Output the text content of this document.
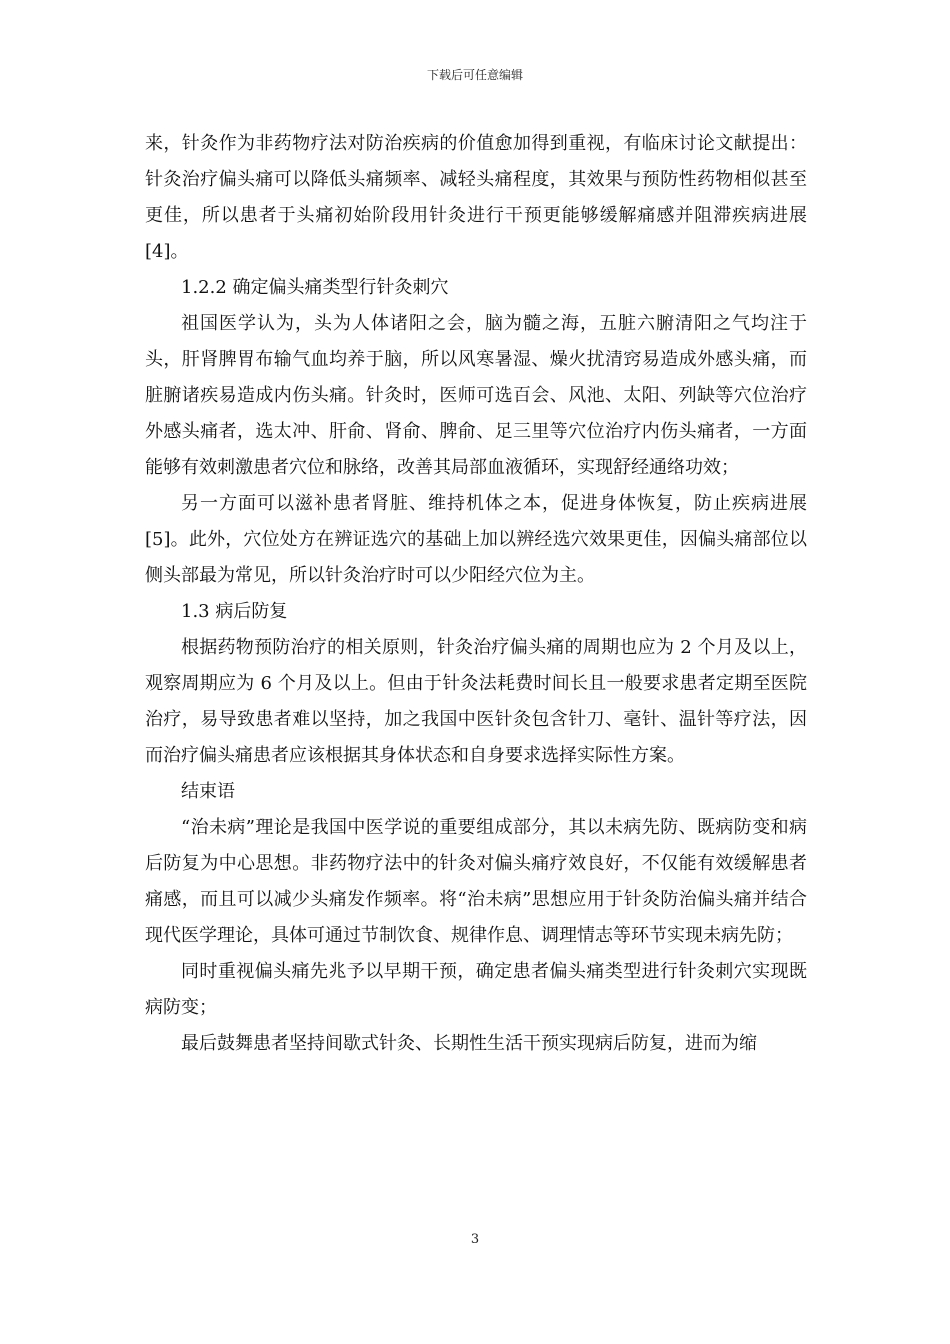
下载后可任意编辑

来，针灸作为非药物疗法对防治疾病的价值愈加得到重视，有临床讨论文献提出：针灸治疗偏头痛可以降低头痛频率、减轻头痛程度，其效果与预防性药物相似甚至更佳，所以患者于头痛初始阶段用针灸进行干预更能够缓解痛感并阻滞疾病进展[4]。

1.2.2 确定偏头痛类型行针灸刺穴

祖国医学认为，头为人体诸阳之会，脑为髓之海，五脏六腑清阳之气均注于头，肝肾脾胃布输气血均养于脑，所以风寒暑湿、燥火扰清窍易造成外感头痛，而脏腑诸疾易造成内伤头痛。针灸时，医师可选百会、风池、太阳、列缺等穴位治疗外感头痛者，选太冲、肝俞、肾俞、脾俞、足三里等穴位治疗内伤头痛者，一方面能够有效刺激患者穴位和脉络，改善其局部血液循环，实现舒经通络功效；

另一方面可以滋补患者肾脏、维持机体之本，促进身体恢复，防止疾病进展[5]。此外，穴位处方在辨证选穴的基础上加以辨经选穴效果更佳，因偏头痛部位以侧头部最为常见，所以针灸治疗时可以少阳经穴位为主。

1.3 病后防复

根据药物预防治疗的相关原则，针灸治疗偏头痛的周期也应为 2 个月及以上，观察周期应为 6 个月及以上。但由于针灸法耗费时间长且一般要求患者定期至医院治疗，易导致患者难以坚持，加之我国中医针灸包含针刀、毫针、温针等疗法，因而治疗偏头痛患者应该根据其身体状态和自身要求选择实际性方案。

结束语

“治未病”理论是我国中医学说的重要组成部分，其以未病先防、既病防变和病后防复为中心思想。非药物疗法中的针灸对偏头痛疗效良好，不仅能有效缓解患者痛感，而且可以减少头痛发作频率。将“治未病”思想应用于针灸防治偏头痛并结合现代医学理论，具体可通过节制饮食、规律作息、调理情志等环节实现未病先防；

同时重视偏头痛先兆予以早期干预，确定患者偏头痛类型进行针灸刺穴实现既病防变；

最后鼓舞患者坚持间歇式针灸、长期性生活干预实现病后防复，进而为缩

3
